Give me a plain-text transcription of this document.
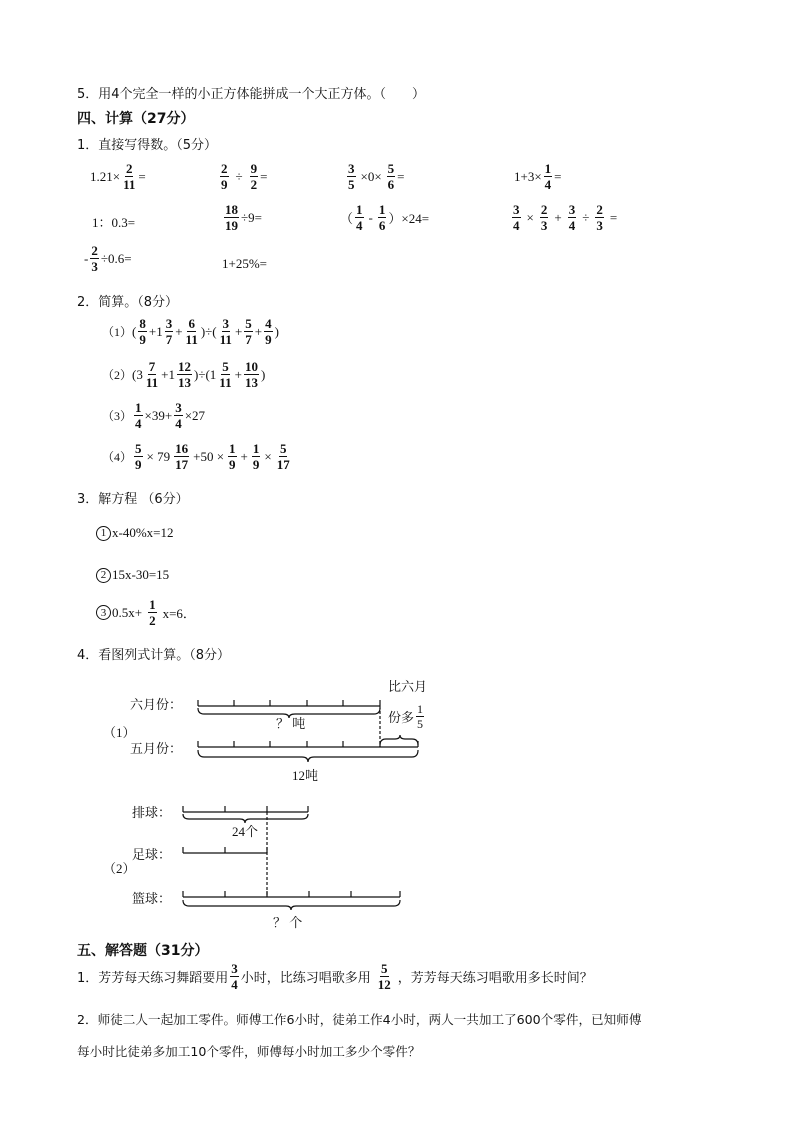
5．用4个完全一样的小正方体能拼成一个大正方体。（　　）
四、计算（27分）
1．直接写得数。（5分）
$1.21\times \frac{2}{11}$ =	$\frac{2}{9} \div \frac{9}{2}$ =	$\frac{3}{5} \times 0\times \frac{5}{6}$ =	$1+3\times \frac{1}{4}$ =
1：0.3=	$\frac{18}{19} \div 9=$	（ $\frac{1}{4} - \frac{1}{6} )\times 24=$	$\frac{3}{4} \times \frac{2}{3} + \frac{3}{4} \div \frac{2}{3}$ =
- $\frac{2}{3} \div 0.6=$	1+25%=
2．简算。（8分）
（1） ( $\frac{8}{9} +1 \frac{3}{7} + \frac{6}{11}$ )÷( $\frac{3}{11} + \frac{5}{7} + \frac{4}{9}$ )
（2） $(3 \frac{7}{11} +1 \frac{12}{13} )\div(1 \frac{5}{11} + \frac{10}{13}$ )
$(3) \frac{1}{4} \times 39+ \frac{3}{4} \times 27$
$(4) \frac{5}{9} \times 79 \frac{16}{17} +50 \times \frac{1}{9} + \frac{1}{9} \times \frac{5}{17}$
3．解方程 （6分）
1 x-40%x=12
2 15x-30=15
3 $0.5x+ \frac{1}{2} x=6$．
4．看图列式计算。（8分）
六月份：
五月份：
（1）
？ 吨
12吨
比六月
份多 $\frac{1}{5}$
排球：
足球：
篮球：
（2）
24个
？ 个
五、解答题（31分）
1．芳芳每天练习舞蹈要用 $\frac{3}{4}$ 小时，比练习唱歌多用 $\frac{5}{12}$ ，芳芳每天练习唱歌用多长时间？
2．师徒二人一起加工零件。师傅工作6小时，徒弟工作4小时，两人一共加工了600个零件，已知师傅
每小时比徒弟多加工10个零件，师傅每小时加工多少个零件？
